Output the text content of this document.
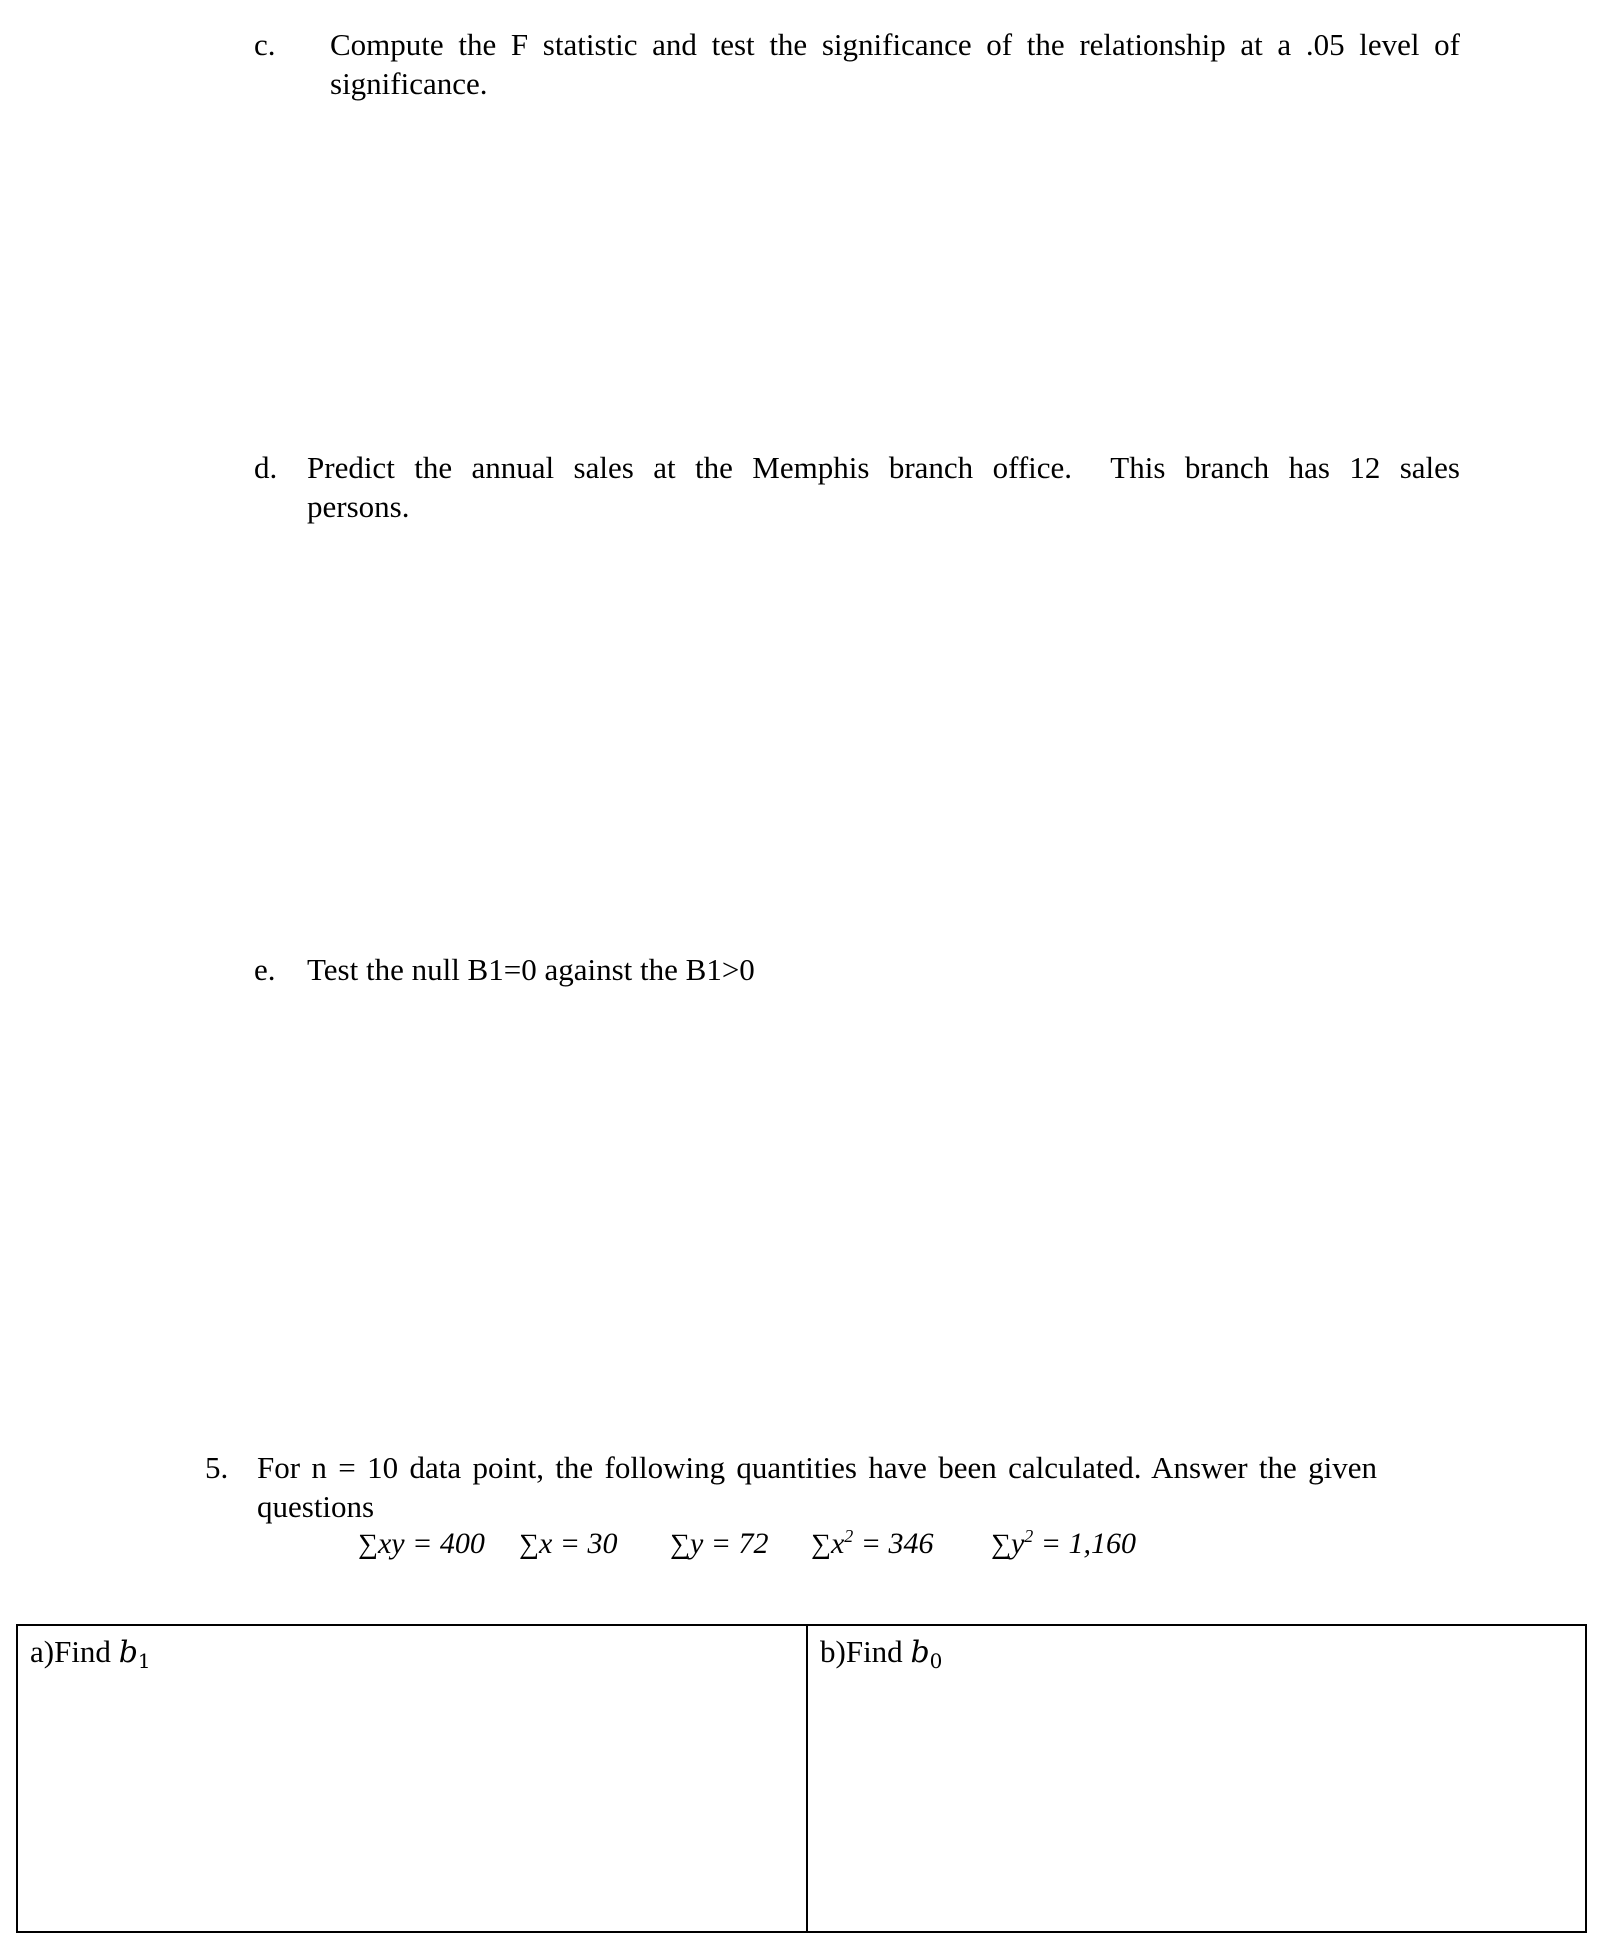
c. Compute the F statistic and test the significance of the relationship at a .05 level of
significance.
d. Predict the annual sales at the Memphis branch office.  This branch has 12 sales
persons.
e. Test the null B1=0 against the B1>0
5. For n = 10 data point, the following quantities have been calculated. Answer the given
questions
∑xy = 400 ∑x = 30 ∑y = 72 $\sum x^2 = 346$ $\sum y^2 = 1,160$
a)Find $b_1$	b)Find $b_0$
